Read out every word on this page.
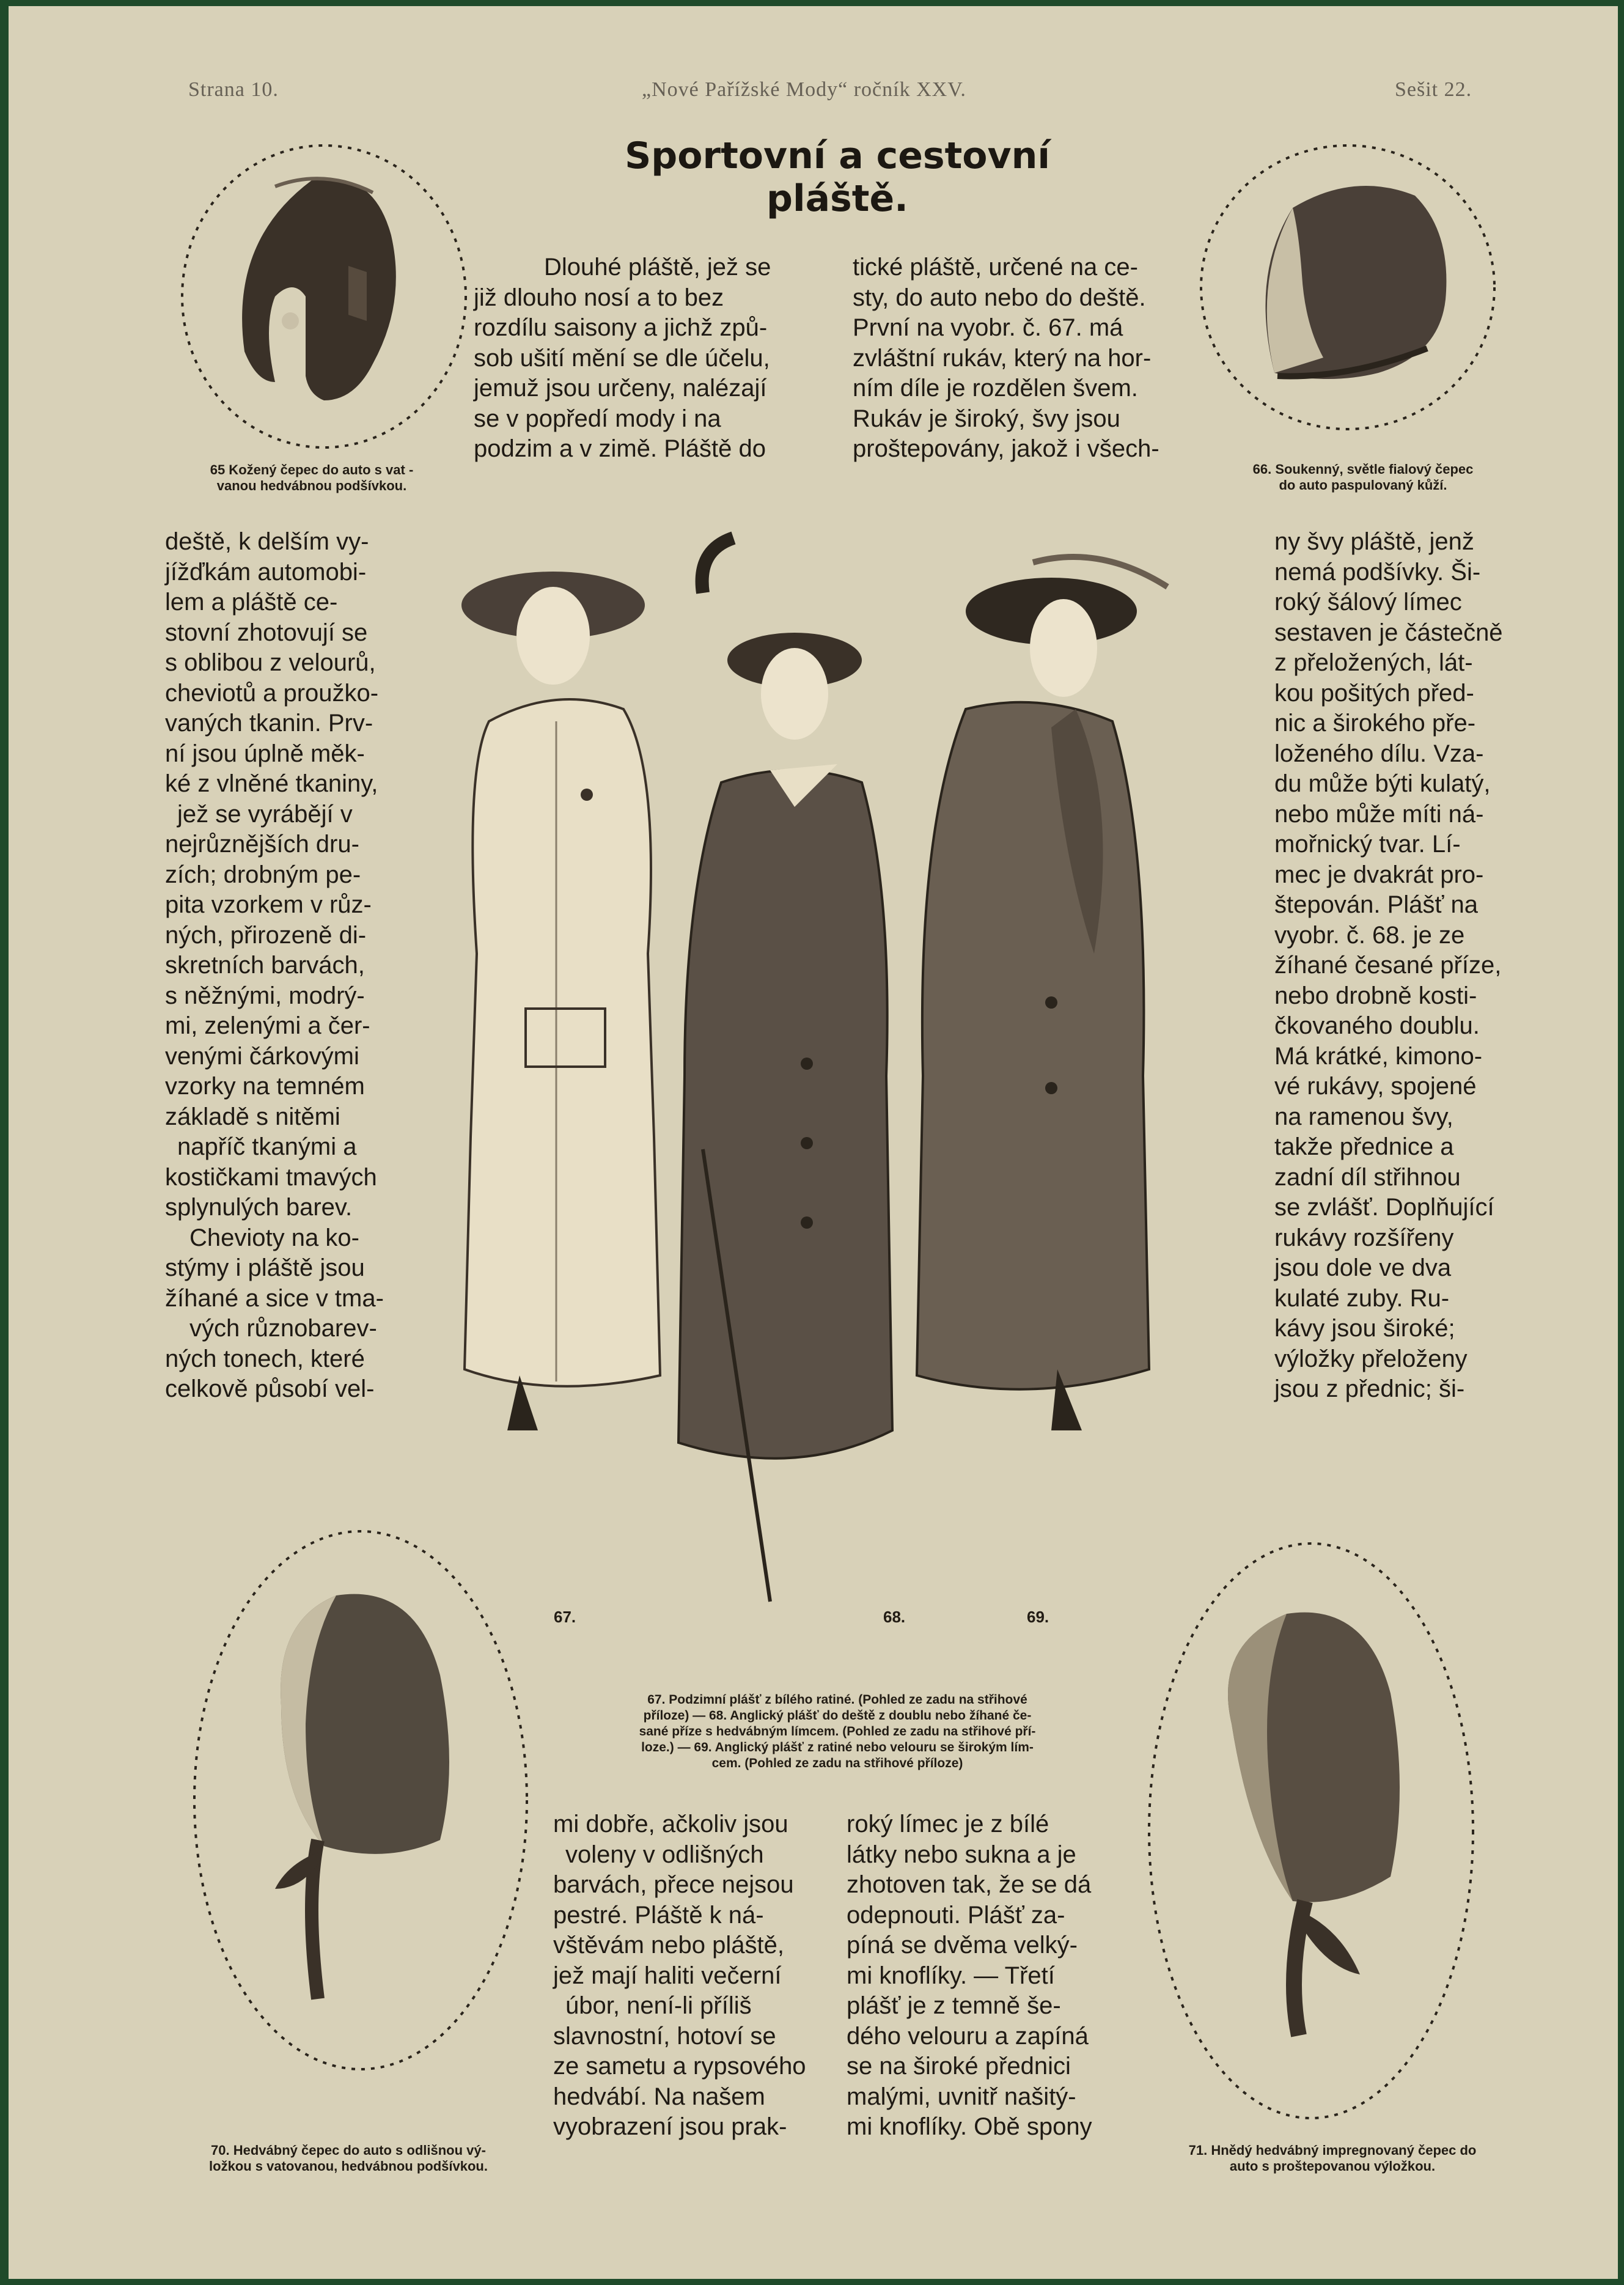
Strana 10.	„Nové Pařížské Mody“ ročník XXV.	Sešit 22.
Sportovní a cestovní pláště.
65 Kožený čepec do auto s vat -
vanou hedvábnou podšívkou.
66. Soukenný, světle fialový čepec
do auto paspulovaný kůží.
Dlouhé pláště, jež se
již dlouho nosí a to bez
rozdílu saisony a jichž způ-
sob ušití mění se dle účelu,
jemuž jsou určeny, nalézají
se v popředí mody i na
podzim a v zimě. Pláště do
tické pláště, určené na ce-
sty, do auto nebo do deště.
První na vyobr. č. 67. má
zvláštní rukáv, který na hor-
ním díle je rozdělen švem.
Rukáv je široký, švy jsou
proštepovány, jakož i všech-
deště, k delším vy-
jížďkám automobi-
lem a pláště ce-
stovní zhotovují se
s oblibou z velourů,
cheviotů a proužko-
vaných tkanin. Prv-
ní jsou úplně měk-
ké z vlněné tkaniny,
jež se vyrábějí v
nejrůznějších dru-
zích; drobným pe-
pita vzorkem v růz-
ných, přirozeně di-
skretních barvách,
s něžnými, modrý-
mi, zelenými a čer-
venými čárkovými
vzorky na temném
základě s nitěmi
napříč tkanými a
kostičkami tmavých
splynulých barev.
Chevioty na ko-
stýmy i pláště jsou
žíhané a sice v tma-
vých různobarev-
ných tonech, které
celkově působí vel-
ny švy pláště, jenž
nemá podšívky. Ši-
roký šálový límec
sestaven je částečně
z přeložených, lát-
kou pošitých před-
nic a širokého pře-
loženého dílu. Vza-
du může býti kulatý,
nebo může míti ná-
mořnický tvar. Lí-
mec je dvakrát pro-
štepován. Plášť na
vyobr. č. 68. je ze
žíhané česané příze,
nebo drobně kosti-
čkovaného doublu.
Má krátké, kimono-
vé rukávy, spojené
na ramenou švy,
takže přednice a
zadní díl střihnou
se zvlášť. Doplňující
rukávy rozšířeny
jsou dole ve dva
kulaté zuby. Ru-
kávy jsou široké;
výložky přeloženy
jsou z přednic; ši-
67.	68.	69.
67. Podzimní plášť z bílého ratiné. (Pohled ze zadu na střihové
příloze) — 68. Anglický plášť do deště z doublu nebo žíhané če-
sané příze s hedvábným límcem. (Pohled ze zadu na střihové pří-
loze.) — 69. Anglický plášť z ratiné nebo velouru se širokým lím-
cem. (Pohled ze zadu na střihové příloze)
70. Hedvábný čepec do auto s odlišnou vý-
ložkou s vatovanou, hedvábnou podšívkou.
mi dobře, ačkoliv jsou
voleny v odlišných
barvách, přece nejsou
pestré. Pláště k ná-
vštěvám nebo pláště,
jež mají haliti večerní
úbor, není-li příliš
slavnostní, hotoví se
ze sametu a rypsového
hedvábí. Na našem
vyobrazení jsou prak-
roký límec je z bílé
látky nebo sukna a je
zhotoven tak, že se dá
odepnouti. Plášť za-
píná se dvěma velký-
mi knoflíky. — Třetí
plášť je z temně še-
dého velouru a zapíná
se na široké přednici
malými, uvnitř našitý-
mi knoflíky. Obě spony
71. Hnědý hedvábný impregnovaný čepec do
auto s proštepovanou výložkou.
